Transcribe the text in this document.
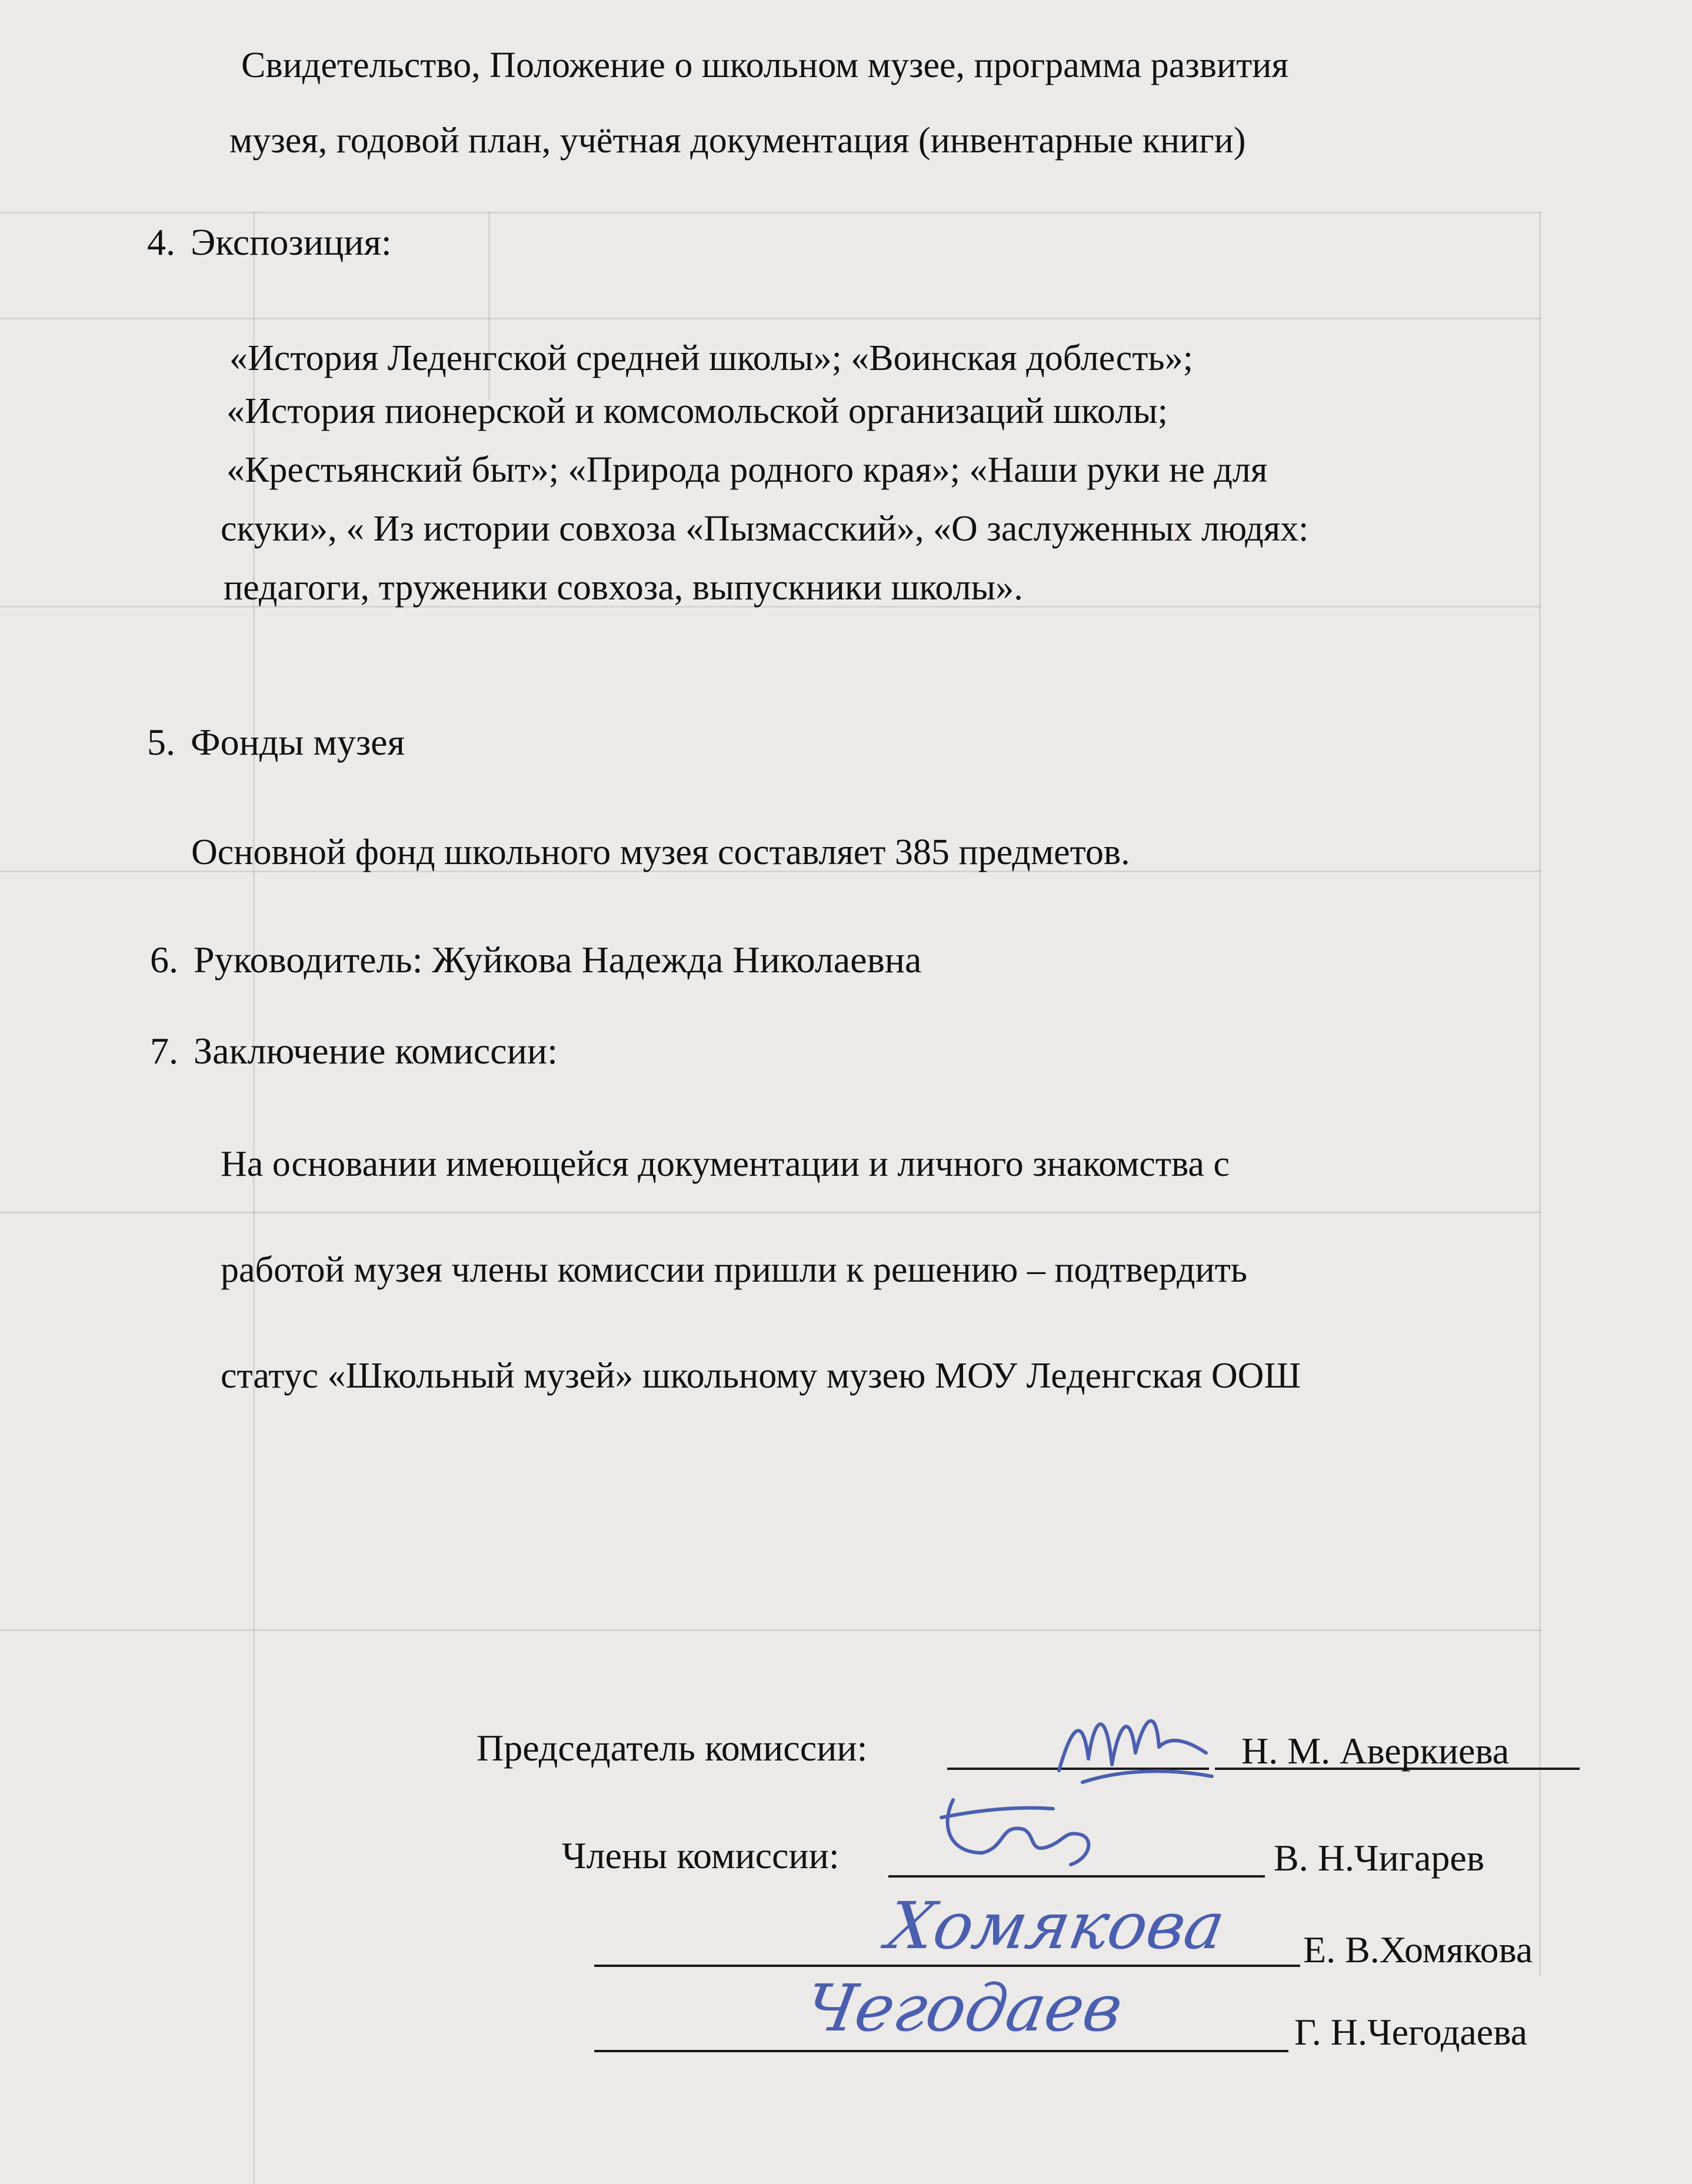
Свидетельство, Положение о школьном музее, программа развития
музея, годовой план, учётная документация (инвентарные книги)
4. Экспозиция:
«История Леденгской средней школы»; «Воинская доблесть»;
«История пионерской и комсомольской организаций школы;
«Крестьянский быт»; «Природа родного края»; «Наши руки не для
скуки», « Из истории совхоза «Пызмасский», «О заслуженных людях:
педагоги, труженики совхоза, выпускники школы».
5. Фонды музея
Основной фонд школьного музея составляет 385 предметов.
6. Руководитель: Жуйкова Надежда Николаевна
7. Заключение комиссии:
На основании имеющейся документации и личного знакомства с
работой музея члены комиссии пришли к решению – подтвердить
статус «Школьный музей» школьному музею МОУ Леденгская ООШ
Председатель комиссии:	Н. М. Аверкиева
Члены комиссии:	В. Н.Чигарев
Е. В.Хомякова
Хомякова
Г. Н.Чегодаева
Чегодаев
